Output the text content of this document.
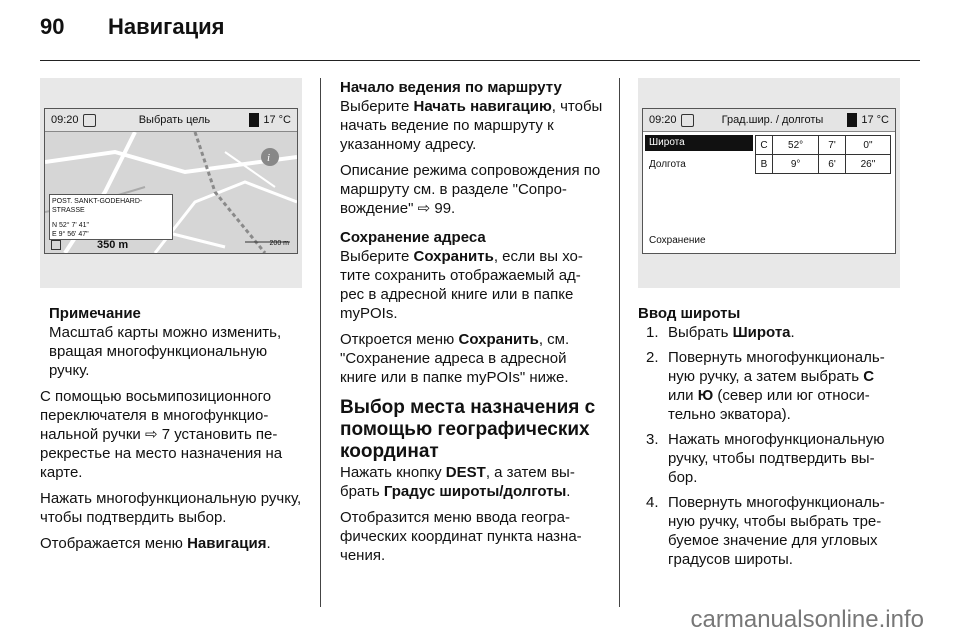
90 Навигация
09:20	Выбрать цель	17 °C
i
POST. SANKT-GODEHARD-STRASSE
N 52° 7' 41"
E 9° 56' 47"
350 m	200 m
Примечание

Масштаб карты можно изменить, вращая многофункциональную ручку.

С помощью восьмипозиционного переключателя в многофункцио-нальной ручки ⇨ 7 установить пе-рекрестье на место назначения на карте.

Нажать многофункциональную ручку, чтобы подтвердить выбор.

Отображается меню Навигация.

Начало ведения по маршруту

Выберите Начать навигацию, чтобы начать ведение по маршруту к указанному адресу.

Описание режима сопровождения по маршруту см. в разделе "Сопро-вождение" ⇨ 99.

Сохранение адреса

Выберите Сохранить, если вы хо-тите сохранить отображаемый ад-рес в адресной книге или в папке myPOIs.

Откроется меню Сохранить, см. "Сохранение адреса в адресной книге или в папке myPOIs" ниже.

Выбор места назначения с помощью географических координат

Нажать кнопку DEST, а затем вы-брать Градус широты/долготы.

Отобразится меню ввода геогра-фических координат пункта назна-чения.

09:20	Град.шир. / долготы	17 °C
Широта
Долгота
Сохранение
С	52°	7'	0"
В	9°	6'	26"
Ввод широты
1. Выбрать Широта.
2. Повернуть многофункциональ-ную ручку, а затем выбрать С или Ю (север или юг относи-тельно экватора).
3. Нажать многофункциональную ручку, чтобы подтвердить вы-бор.
4. Повернуть многофункциональ-ную ручку, чтобы выбрать тре-буемое значение для угловых градусов широты.
carmanualsonline.info
